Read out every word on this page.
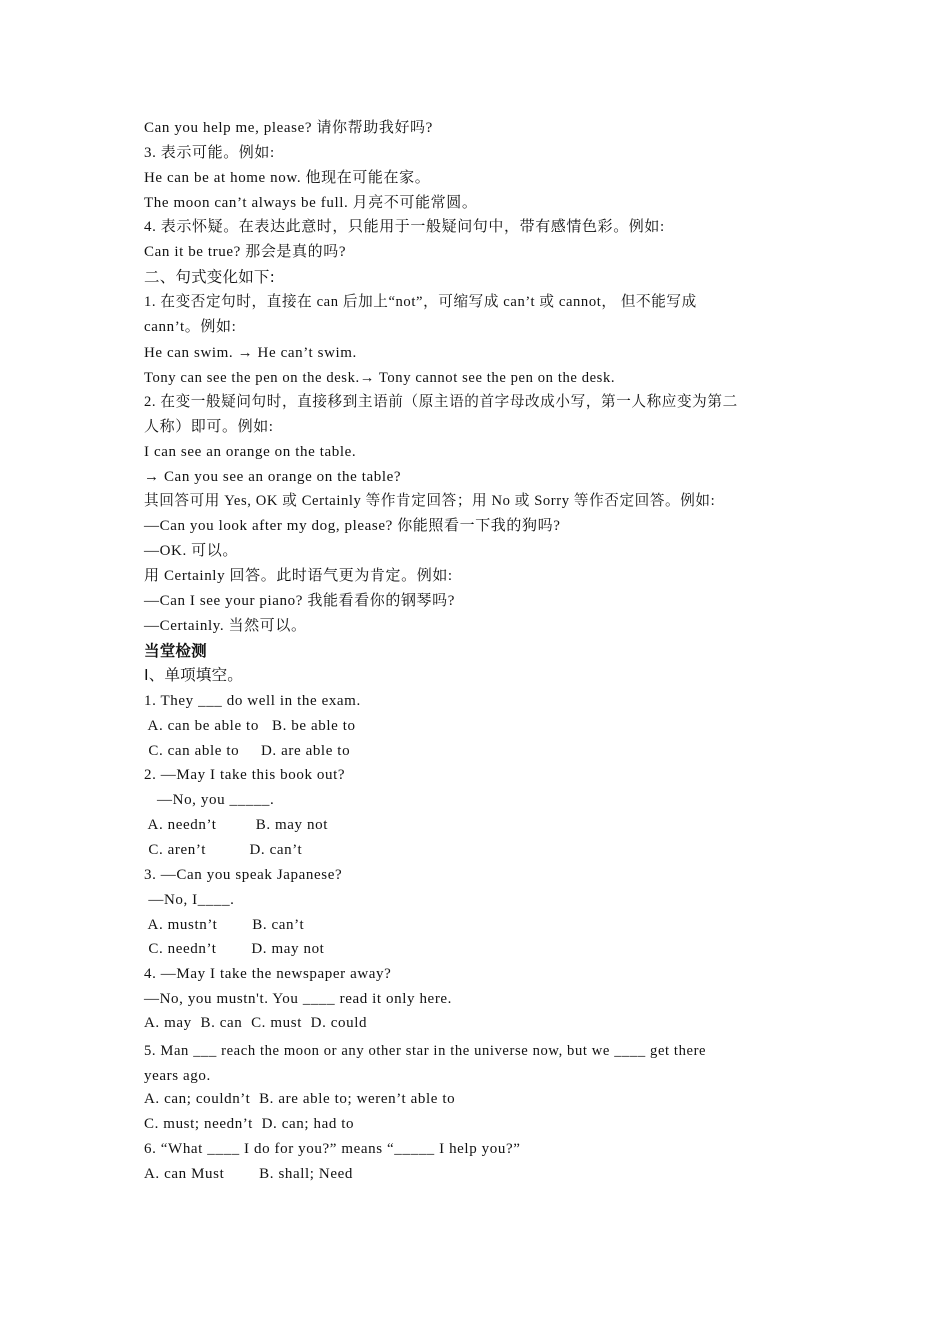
Can you help me, please? 请你帮助我好吗?
3. 表示可能。例如:
He can be at home now. 他现在可能在家。
The moon can’t always be full. 月亮不可能常圆。
4. 表示怀疑。在表达此意时，只能用于一般疑问句中，带有感情色彩。例如:
Can it be true? 那会是真的吗?
二、句式变化如下:
1. 在变否定句时，直接在 can 后加上“not”，可缩写成 can’t 或 cannot， 但不能写成
cann’t。例如:
He can swim. → He can’t swim.
Tony can see the pen on the desk.→ Tony cannot see the pen on the desk.
2. 在变一般疑问句时，直接移到主语前（原主语的首字母改成小写，第一人称应变为第二
人称）即可。例如:
I can see an orange on the table.
→ Can you see an orange on the table?
其回答可用 Yes, OK 或 Certainly 等作肯定回答；用 No 或 Sorry 等作否定回答。例如:
—Can you look after my dog, please? 你能照看一下我的狗吗?
—OK. 可以。
用 Certainly 回答。此时语气更为肯定。例如:
—Can I see your piano? 我能看看你的钢琴吗?
—Certainly. 当然可以。
当堂检测
I、单项填空。
1. They ___ do well in the exam.
A. can be able to   B. be able to
C. can able to     D. are able to
2. —May I take this book out?
—No, you _____.
A. needn’t         B. may not
C. aren’t          D. can’t
3. —Can you speak Japanese?
—No, I____.
A. mustn’t        B. can’t
C. needn’t        D. may not
4. —May I take the newspaper away?
—No, you mustn't. You ____ read it only here.
A. may  B. can  C. must  D. could
5. Man ___ reach the moon or any other star in the universe now, but we ____ get there
years ago.
A. can; couldn’t  B. are able to; weren’t able to
C. must; needn’t  D. can; had to
6. “What ____ I do for you?” means “_____ I help you?”
A. can Must        B. shall; Need
